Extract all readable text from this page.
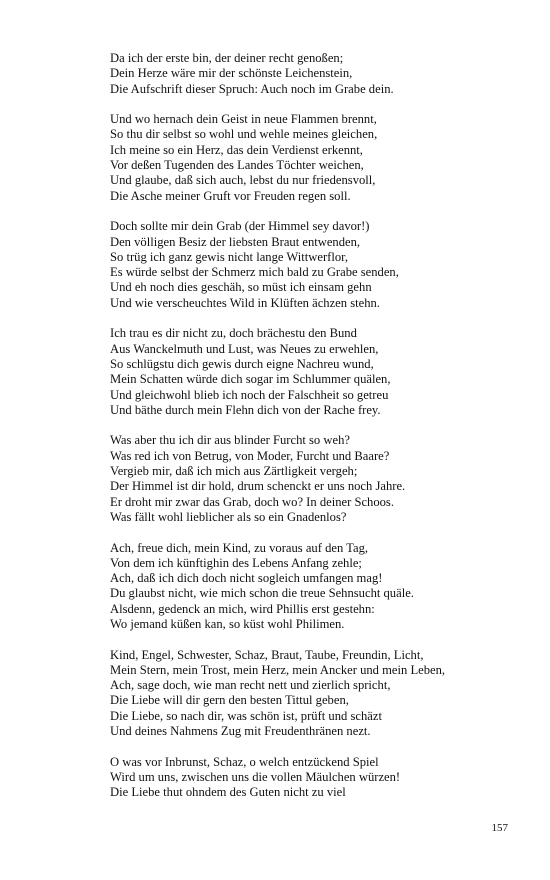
Da ich der erste bin, der deiner recht genoßen;
Dein Herze wäre mir der schönste Leichenstein,
Die Aufschrift dieser Spruch: Auch noch im Grabe dein.
Und wo hernach dein Geist in neue Flammen brennt,
So thu dir selbst so wohl und wehle meines gleichen,
Ich meine so ein Herz, das dein Verdienst erkennt,
Vor deßen Tugenden des Landes Töchter weichen,
Und glaube, daß sich auch, lebst du nur friedensvoll,
Die Asche meiner Gruft vor Freuden regen soll.
Doch sollte mir dein Grab (der Himmel sey davor!)
Den völligen Besiz der liebsten Braut entwenden,
So trüg ich ganz gewis nicht lange Wittwerflor,
Es würde selbst der Schmerz mich bald zu Grabe senden,
Und eh noch dies geschäh, so müst ich einsam gehn
Und wie verscheuchtes Wild in Klüften ächzen stehn.
Ich trau es dir nicht zu, doch brächestu den Bund
Aus Wanckelmuth und Lust, was Neues zu erwehlen,
So schlügstu dich gewis durch eigne Nachreu wund,
Mein Schatten würde dich sogar im Schlummer quälen,
Und gleichwohl blieb ich noch der Falschheit so getreu
Und bäthe durch mein Flehn dich von der Rache frey.
Was aber thu ich dir aus blinder Furcht so weh?
Was red ich von Betrug, von Moder, Furcht und Baare?
Vergieb mir, daß ich mich aus Zärtligkeit vergeh;
Der Himmel ist dir hold, drum schenckt er uns noch Jahre.
Er droht mir zwar das Grab, doch wo? In deiner Schoos.
Was fällt wohl lieblicher als so ein Gnadenlos?
Ach, freue dich, mein Kind, zu voraus auf den Tag,
Von dem ich künftighin des Lebens Anfang zehle;
Ach, daß ich dich doch nicht sogleich umfangen mag!
Du glaubst nicht, wie mich schon die treue Sehnsucht quäle.
Alsdenn, gedenck an mich, wird Phillis erst gestehn:
Wo jemand küßen kan, so küst wohl Philimen.
Kind, Engel, Schwester, Schaz, Braut, Taube, Freundin, Licht,
Mein Stern, mein Trost, mein Herz, mein Ancker und mein Leben,
Ach, sage doch, wie man recht nett und zierlich spricht,
Die Liebe will dir gern den besten Tittul geben,
Die Liebe, so nach dir, was schön ist, prüft und schäzt
Und deines Nahmens Zug mit Freudenthränen nezt.
O was vor Inbrunst, Schaz, o welch entzückend Spiel
Wird um uns, zwischen uns die vollen Mäulchen würzen!
Die Liebe thut ohndem des Guten nicht zu viel
157
